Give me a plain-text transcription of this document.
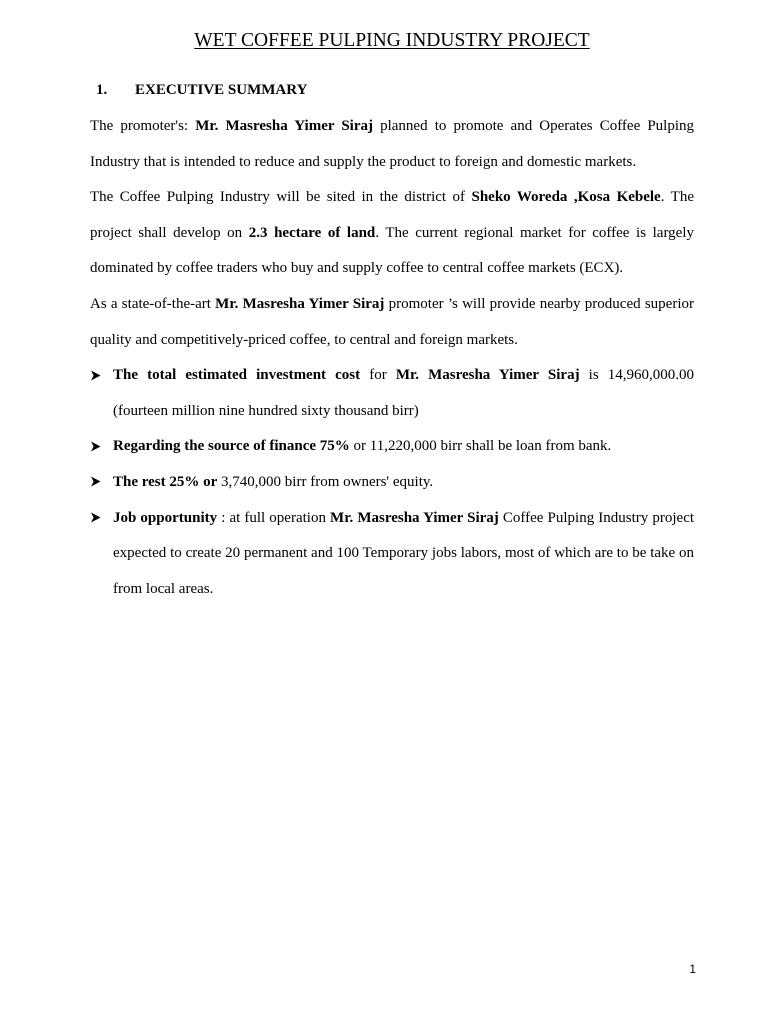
WET COFFEE PULPING INDUSTRY PROJECT
1. EXECUTIVE SUMMARY

The promoter's: Mr. Masresha Yimer Siraj planned to promote and Operates Coffee Pulping Industry that is intended to reduce and supply the product to foreign and domestic markets.

The Coffee Pulping Industry will be sited in the district of Sheko Woreda ,Kosa Kebele. The project shall develop on 2.3 hectare of land. The current regional market for coffee is largely dominated by coffee traders who buy and supply coffee to central coffee markets (ECX).

As a state-of-the-art Mr. Masresha Yimer Siraj promoter ’s will provide nearby produced superior quality and competitively-priced coffee, to central and foreign markets.

The total estimated investment cost for Mr. Masresha Yimer Siraj is 14,960,000.00 (fourteen million nine hundred sixty thousand birr)
Regarding the source of finance 75% or 11,220,000 birr shall be loan from bank.
The rest 25% or 3,740,000 birr from owners' equity.
Job opportunity : at full operation Mr. Masresha Yimer Siraj Coffee Pulping Industry project expected to create 20 permanent and 100 Temporary jobs labors, most of which are to be take on from local areas.
1
